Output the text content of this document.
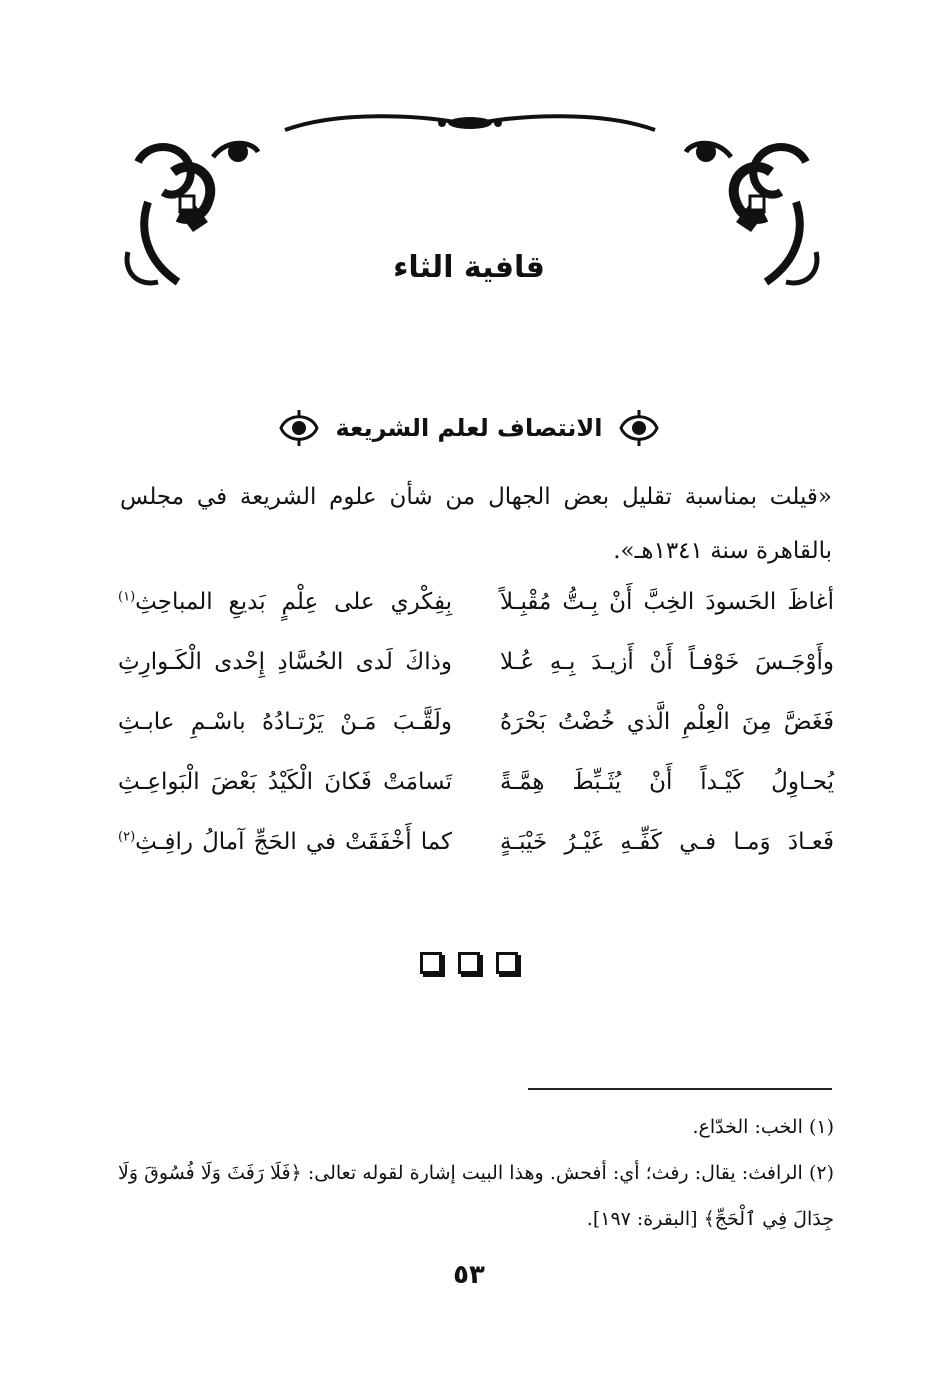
قافية الثاء
الانتصاف لعلم الشريعة
«قيلت بمناسبة تقليل بعض الجهال من شأن علوم الشريعة في مجلس
بالقاهرة سنة ١٣٤١هـ».
أغاظَ الحَسودَ الخِبَّ أَنْ بِـتُّ مُقْبِـلاً
بِفِكْري على عِلْمٍ بَديعِ المباحِثِ$^{(١)}$
وأَوْجَـسَ خَوْفـاً أَنْ أَزيـدَ بِـهِ عُـلا
وذاكَ لَدى الحُسَّادِ إِحْدى الْكَـوارِثِ
فَغَضَّ مِنَ الْعِلْمِ الَّذي خُضْتُ بَحْرَهُ
ولَقَّـبَ مَـنْ يَرْتـادُهُ باسْـمِ عابـثِ
يُحـاوِلُ كَيْـداً أَنْ يُثَـبِّطَ هِمَّـةً
تَسامَتْ فَكانَ الْكَيْدُ بَعْضَ الْبَواعِـثِ
فَعـادَ وَمـا فـي كَفِّـهِ غَيْـرُ خَيْبَـةٍ
كما أَخْفَقَتْ في الحَجِّ آمالُ رافِـثِ$^{(٢)}$

(١) الخب: الخدّاع.

(٢) الرافث: يقال: رفث؛ أي: أفحش. وهذا البيت إشارة لقوله تعالى: ﴿فَلَا رَفَثَ وَلَا فُسُوقَ وَلَا جِدَالَ فِي ٱلْحَجِّ﴾ [البقرة: ١٩٧].

٥٣
